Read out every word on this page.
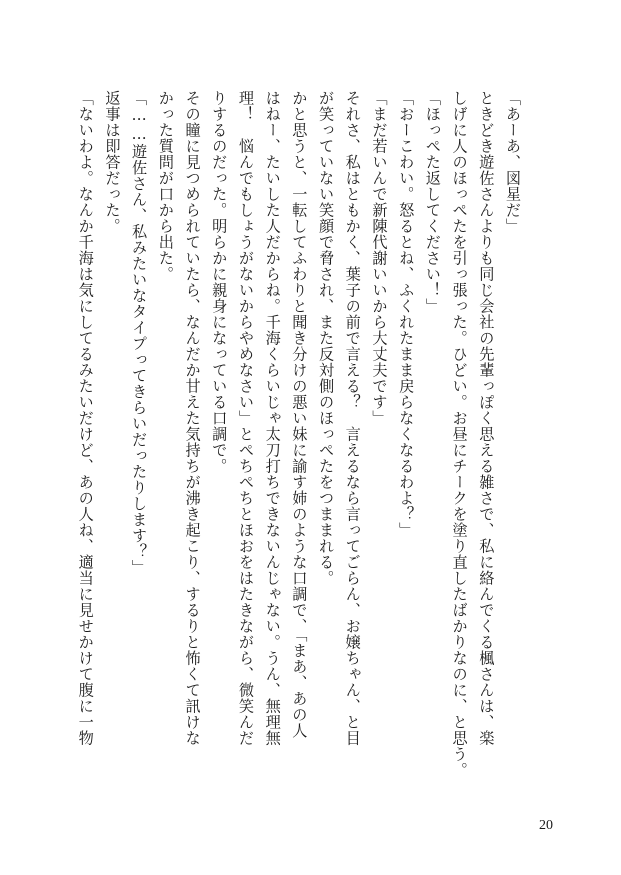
「あーあ、図星だ」
ときどき遊佐さんよりも同じ会社の先輩っぽく思える雑さで、私に絡んでくる楓さんは、楽
しげに人のほっぺたを引っ張った。ひどい。お昼にチークを塗り直したばかりなのに、と思う。
「ほっぺた返してください！」
「おーこわい。怒るとね、ふくれたまま戻らなくなるわよ？」
「まだ若いんで新陳代謝いいから大丈夫です」
それさ、私はともかく、葉子の前で言える？　言えるなら言ってごらん、お嬢ちゃん、と目
が笑っていない笑顔で脅され、また反対側のほっぺたをつままれる。
かと思うと、一転してふわりと聞き分けの悪い妹に諭す姉のような口調で、「まあ、あの人
はねー、たいした人だからね。千海くらいじゃ太刀打ちできないんじゃない。うん、無理無
理！　悩んでもしょうがないからやめなさい」とぺちぺちとほおをはたきながら、微笑んだ
りするのだった。明らかに親身になっている口調で。
その瞳に見つめられていたら、なんだか甘えた気持ちが沸き起こり、するりと怖くて訊けな
かった質問が口から出た。
「……遊佐さん、私みたいなタイプってきらいだったりします？」
返事は即答だった。
「ないわよ。なんか千海は気にしてるみたいだけど、あの人ね、適当に見せかけて腹に一物
20
